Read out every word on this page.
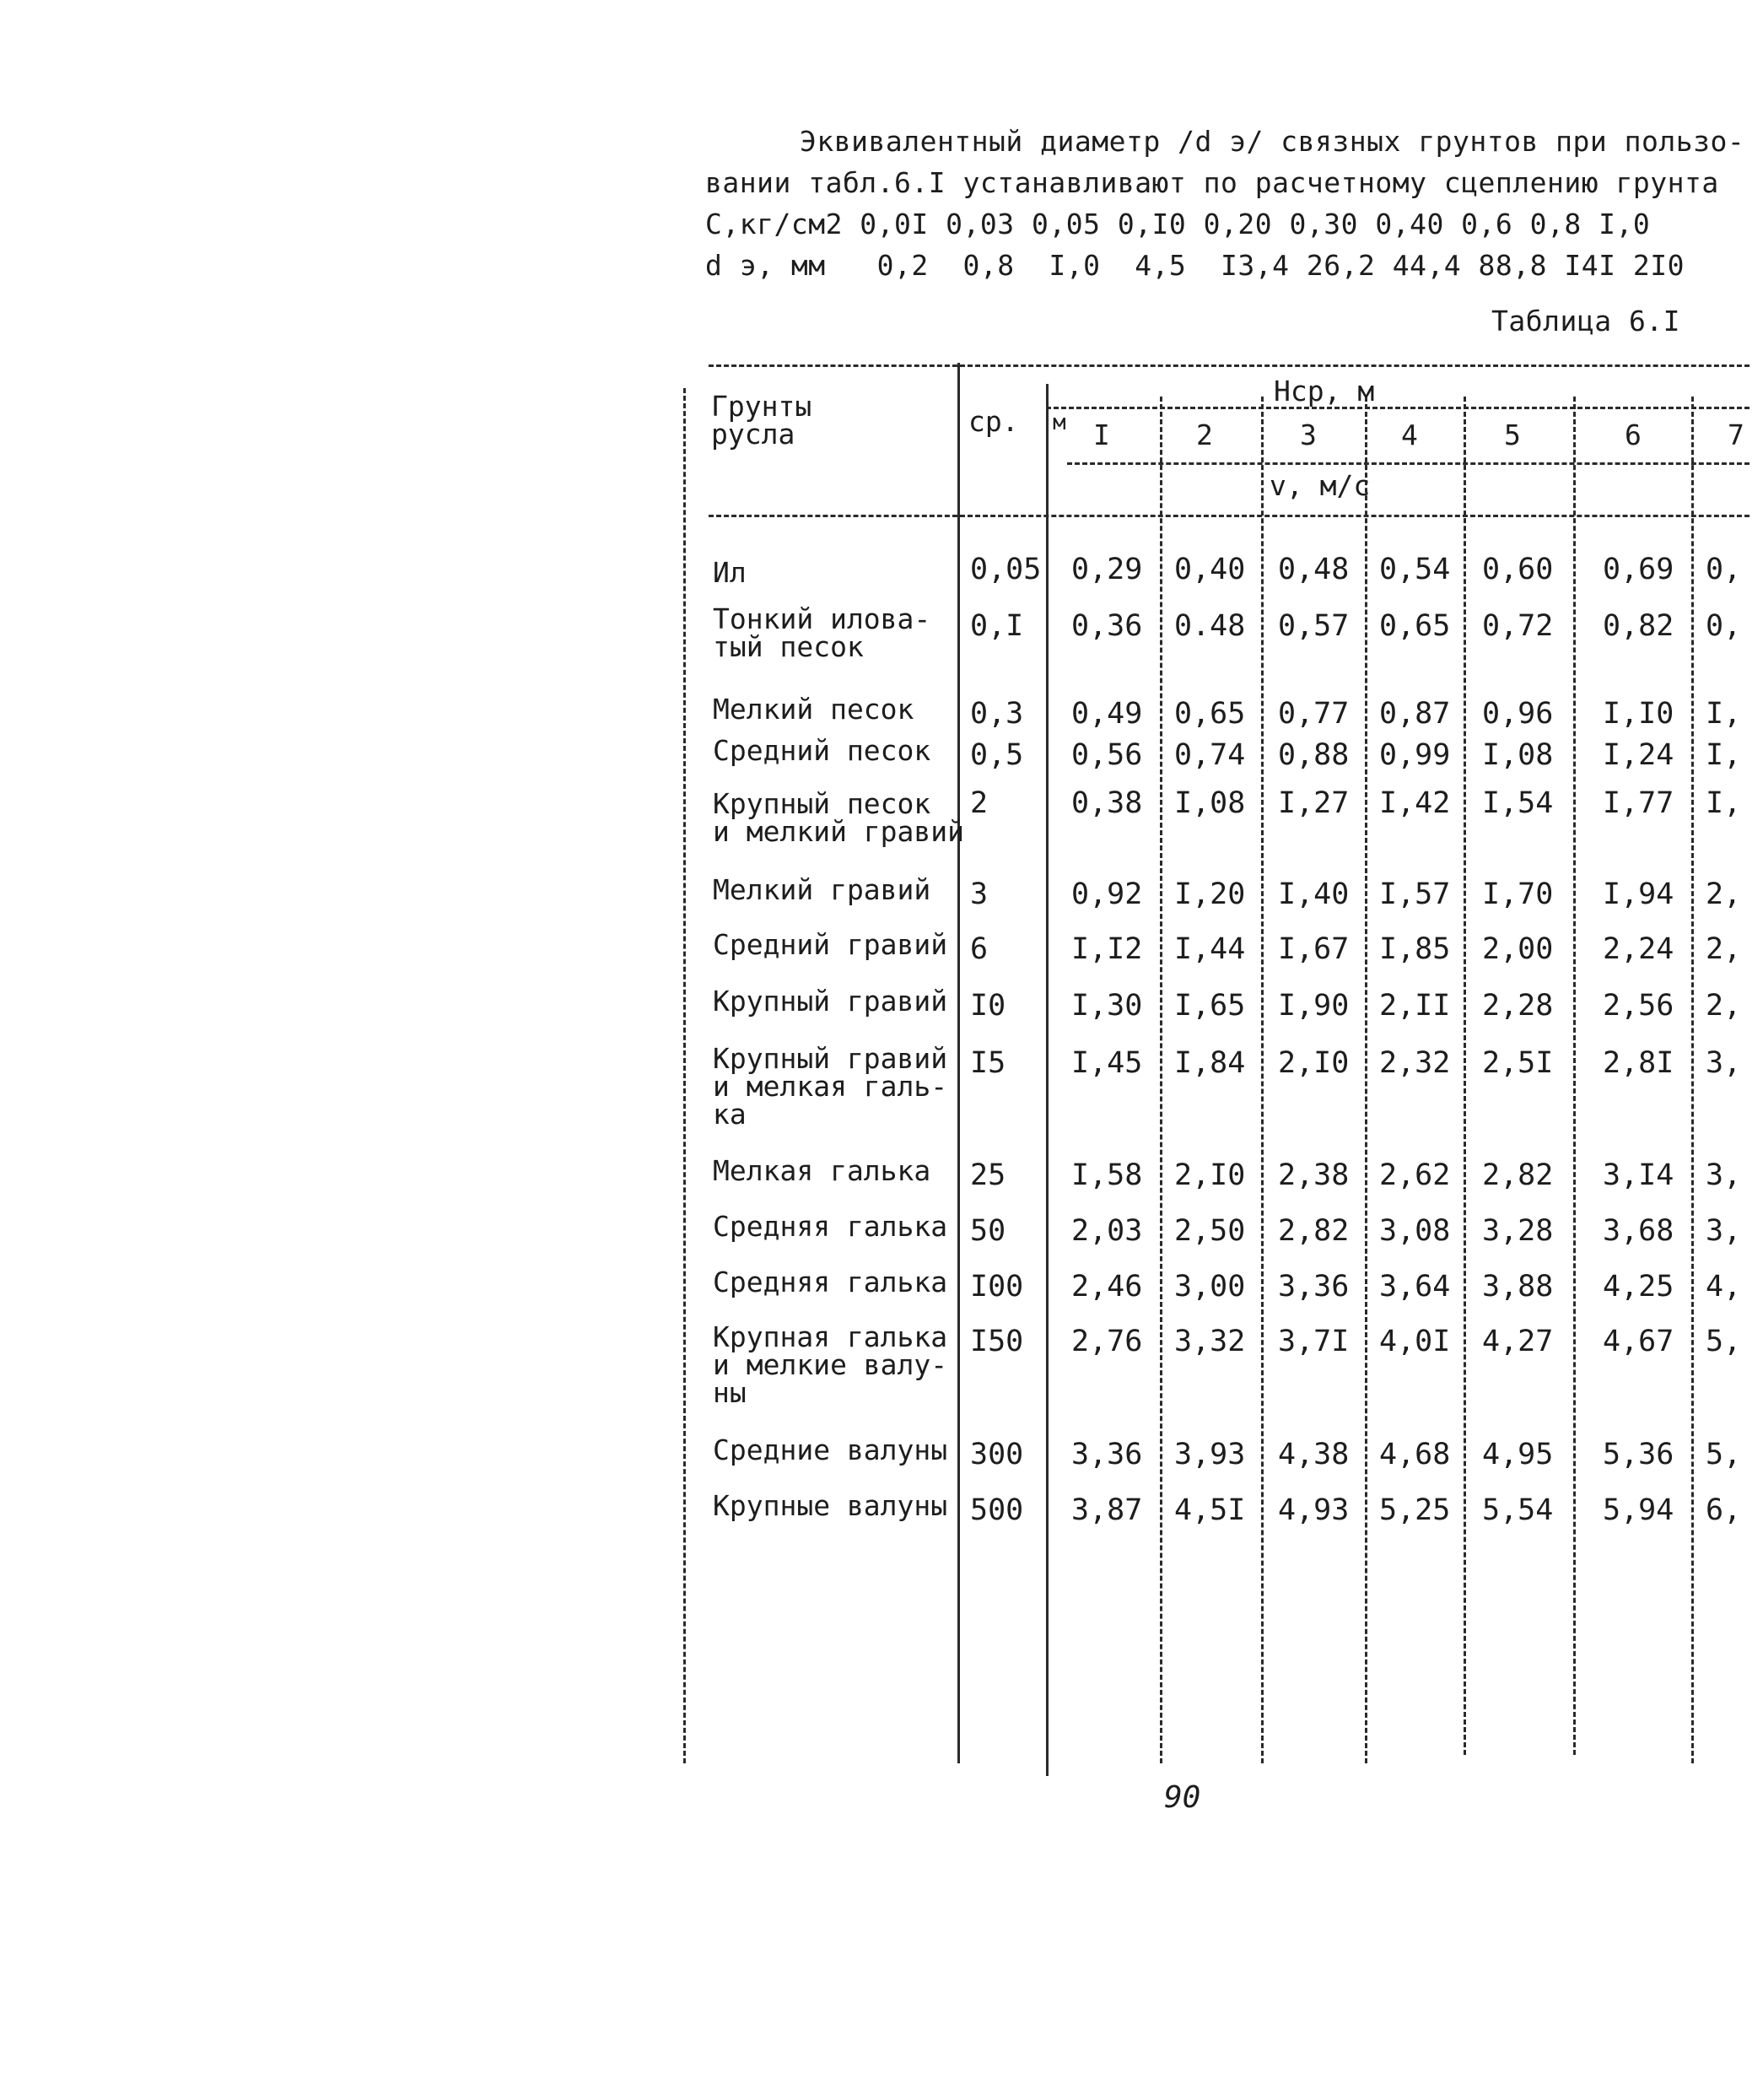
Эквивалентный диаметр /d э/ связных грунтов при пользо-
вании табл.6.I устанавливают по расчетному сцеплению грунта
С,кг/см2 0,0I 0,03 0,05 0,I0 0,20 0,30 0,40 0,6 0,8 I,0
d э, мм   0,2  0,8  I,0  4,5  I3,4 26,2 44,4 88,8 I4I 2I0
Таблица 6.I
Грунты
русла	ср. м
Нср, м
v, м/с
I	2	3	4	5	6	7
Ил	0,05 0,29 0,40 0,48 0,54 0,60 0,69 0,
Тонкий илова-
тый песок
0,I 0,36 0.48 0,57 0,65 0,72 0,82 0,
Мелкий песок 0,3 0,49 0,65 0,77 0,87 0,96 I,I0 I,
Средний песок 0,5 0,56 0,74 0,88 0,99 I,08 I,24 I,
Крупный песок
и мелкий гравий
2	0,38 I,08 I,27 I,42 I,54 I,77 I,
Мелкий гравий 3	0,92 I,20 I,40 I,57 I,70 I,94 2,
Средний гравий 6	I,I2 I,44 I,67 I,85 2,00 2,24 2,
Крупный гравий I0 I,30 I,65 I,90 2,II 2,28 2,56 2,
Крупный гравий
и мелкая галь-
ка
I5 I,45 I,84 2,I0 2,32 2,5I 2,8I 3,
Мелкая галька 25 I,58 2,I0 2,38 2,62 2,82 3,I4 3,
Средняя галька 50 2,03 2,50 2,82 3,08 3,28 3,68 3,
Средняя галька I00 2,46 3,00 3,36 3,64 3,88 4,25 4,
Крупная галька
и мелкие валу-
ны
I50 2,76 3,32 3,7I 4,0I 4,27 4,67 5,
Средние валуны 300 3,36 3,93 4,38 4,68 4,95 5,36 5,
Крупные валуны 500 3,87 4,5I 4,93 5,25 5,54 5,94 6,
90
